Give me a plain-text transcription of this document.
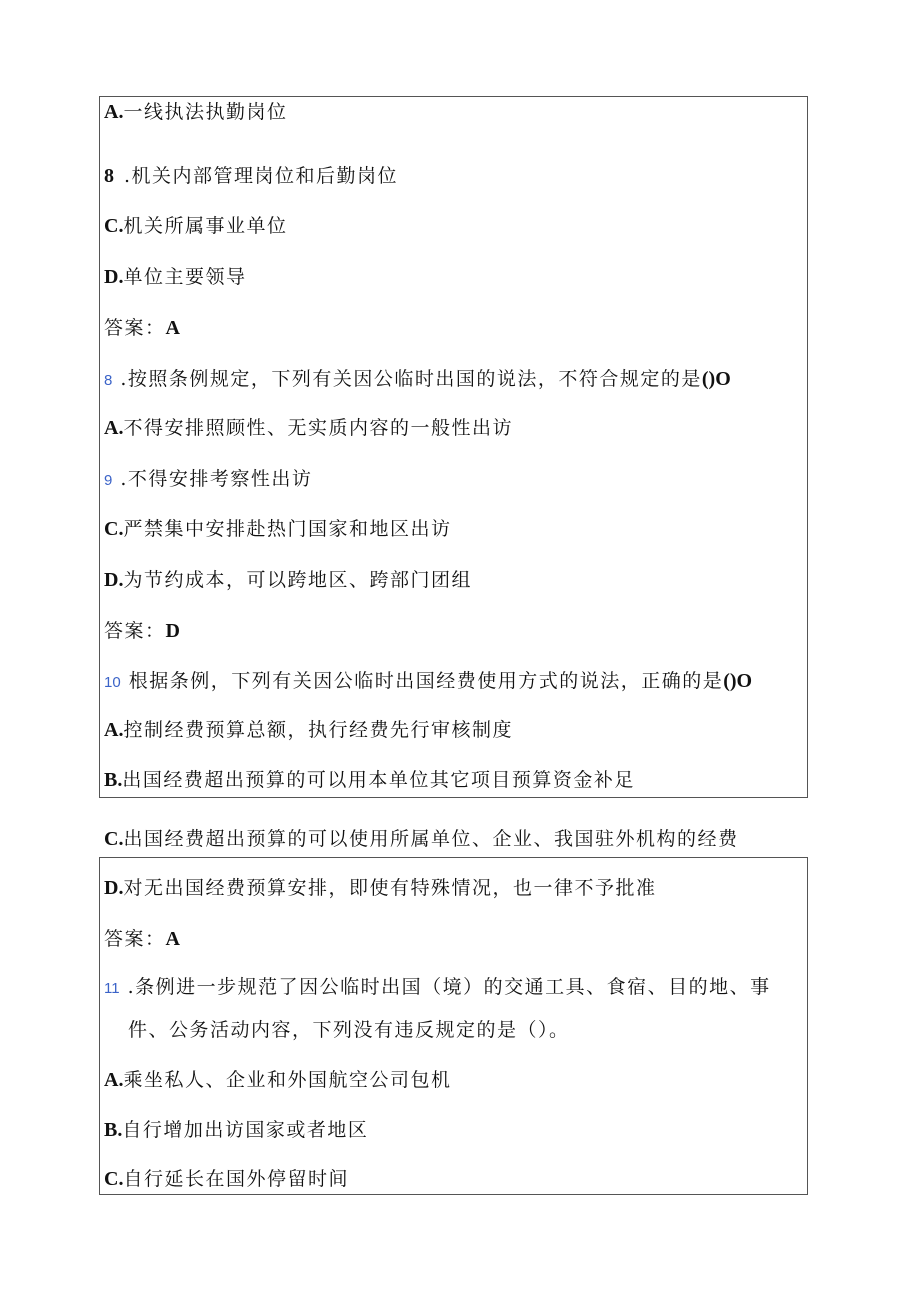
A.一线执法执勤岗位
8 .机关内部管理岗位和后勤岗位
C.机关所属事业单位
D.单位主要领导
答案：A
8 .按照条例规定，下列有关因公临时出国的说法，不符合规定的是()O
A.不得安排照顾性、无实质内容的一般性出访
9 .不得安排考察性出访
C.严禁集中安排赴热门国家和地区出访
D.为节约成本，可以跨地区、跨部门团组
答案：D
10 根据条例，下列有关因公临时出国经费使用方式的说法，正确的是()O
A.控制经费预算总额，执行经费先行审核制度
B.出国经费超出预算的可以用本单位其它项目预算资金补足
C.出国经费超出预算的可以使用所属单位、企业、我国驻外机构的经费
D.对无出国经费预算安排，即使有特殊情况，也一律不予批准
答案：A
11 .条例进一步规范了因公临时出国（境）的交通工具、食宿、目的地、事
件、公务活动内容，下列没有违反规定的是（）。
A.乘坐私人、企业和外国航空公司包机
B.自行增加出访国家或者地区
C.自行延长在国外停留时间
